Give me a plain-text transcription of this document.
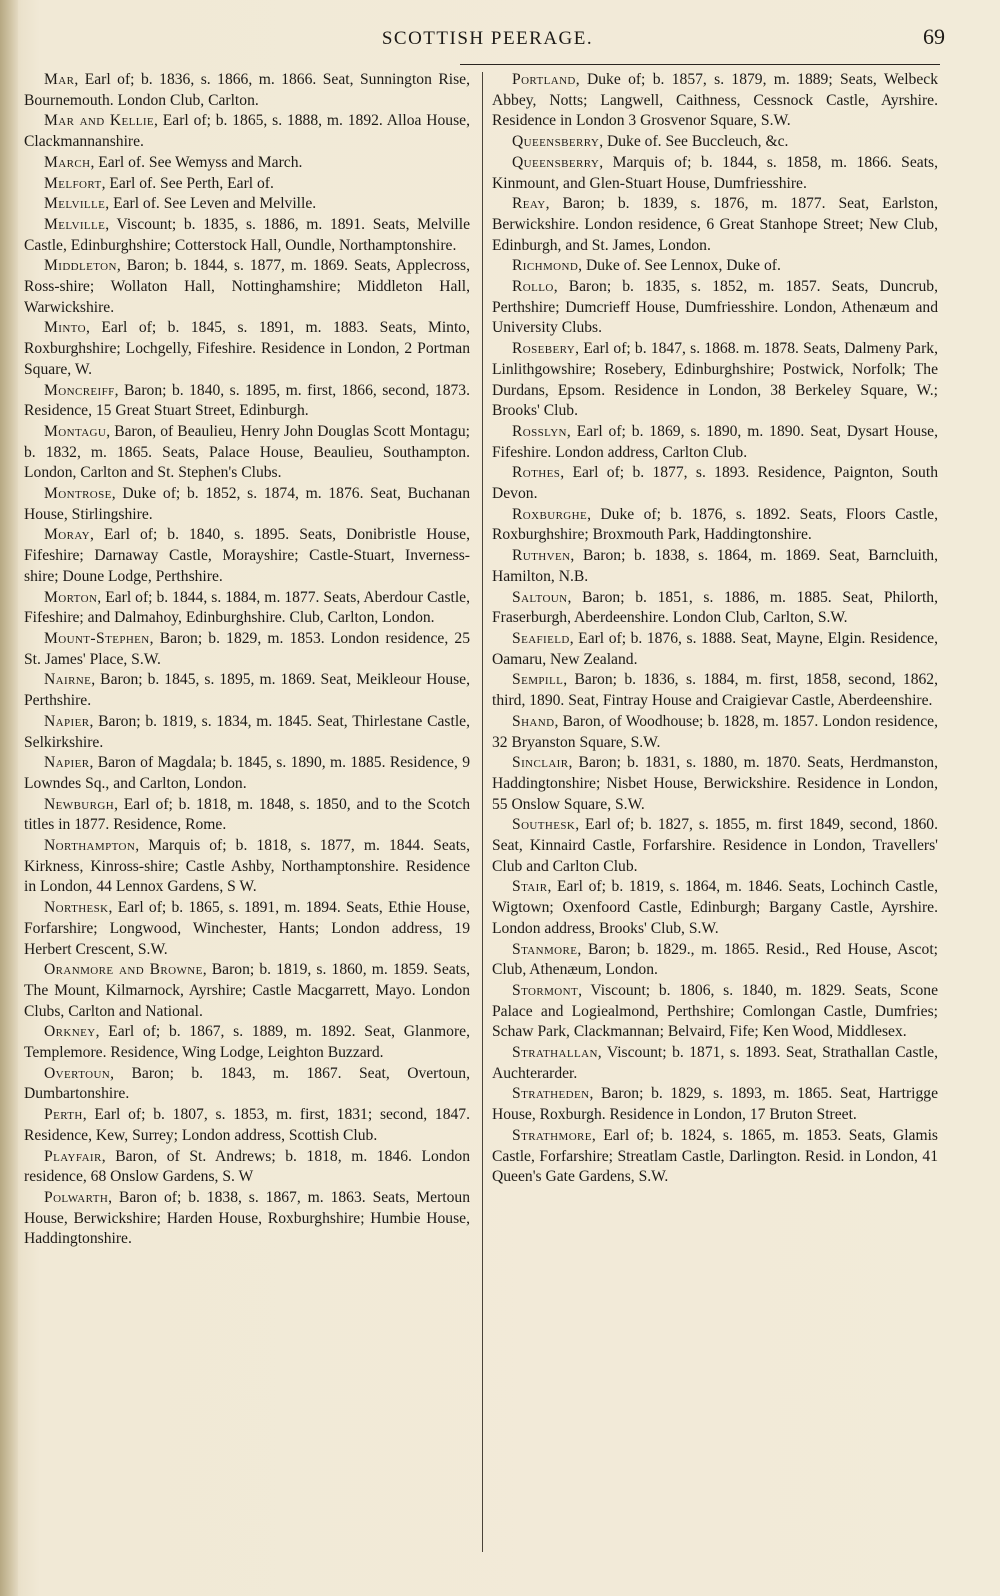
SCOTTISH PEERAGE.	69

Mar, Earl of; b. 1836, s. 1866, m. 1866. Seat, Sunnington Rise, Bournemouth. London Club, Carlton.

Mar and Kellie, Earl of; b. 1865, s. 1888, m. 1892. Alloa House, Clackmannanshire.

March, Earl of. See Wemyss and March.

Melfort, Earl of. See Perth, Earl of.

Melville, Earl of. See Leven and Melville.

Melville, Viscount; b. 1835, s. 1886, m. 1891. Seats, Melville Castle, Edinburghshire; Cotterstock Hall, Oundle, Northamptonshire.

Middleton, Baron; b. 1844, s. 1877, m. 1869. Seats, Applecross, Ross-shire; Wollaton Hall, Nottinghamshire; Middleton Hall, Warwickshire.

Minto, Earl of; b. 1845, s. 1891, m. 1883. Seats, Minto, Roxburghshire; Lochgelly, Fifeshire. Residence in London, 2 Portman Square, W.

Moncreiff, Baron; b. 1840, s. 1895, m. first, 1866, second, 1873. Residence, 15 Great Stuart Street, Edinburgh.

Montagu, Baron, of Beaulieu, Henry John Douglas Scott Montagu; b. 1832, m. 1865. Seats, Palace House, Beaulieu, Southampton. London, Carlton and St. Stephen's Clubs.

Montrose, Duke of; b. 1852, s. 1874, m. 1876. Seat, Buchanan House, Stirlingshire.

Moray, Earl of; b. 1840, s. 1895. Seats, Donibristle House, Fifeshire; Darnaway Castle, Morayshire; Castle-Stuart, Inverness-shire; Doune Lodge, Perthshire.

Morton, Earl of; b. 1844, s. 1884, m. 1877. Seats, Aberdour Castle, Fifeshire; and Dalmahoy, Edinburghshire. Club, Carlton, London.

Mount-Stephen, Baron; b. 1829, m. 1853. London residence, 25 St. James' Place, S.W.

Nairne, Baron; b. 1845, s. 1895, m. 1869. Seat, Meikleour House, Perthshire.

Napier, Baron; b. 1819, s. 1834, m. 1845. Seat, Thirlestane Castle, Selkirkshire.

Napier, Baron of Magdala; b. 1845, s. 1890, m. 1885. Residence, 9 Lowndes Sq., and Carlton, London.

Newburgh, Earl of; b. 1818, m. 1848, s. 1850, and to the Scotch titles in 1877. Residence, Rome.

Northampton, Marquis of; b. 1818, s. 1877, m. 1844. Seats, Kirkness, Kinross-shire; Castle Ashby, Northamptonshire. Residence in London, 44 Lennox Gardens, S W.

Northesk, Earl of; b. 1865, s. 1891, m. 1894. Seats, Ethie House, Forfarshire; Longwood, Winchester, Hants; London address, 19 Herbert Crescent, S.W.

Oranmore and Browne, Baron; b. 1819, s. 1860, m. 1859. Seats, The Mount, Kilmarnock, Ayrshire; Castle Macgarrett, Mayo. London Clubs, Carlton and National.

Orkney, Earl of; b. 1867, s. 1889, m. 1892. Seat, Glanmore, Templemore. Residence, Wing Lodge, Leighton Buzzard.

Overtoun, Baron; b. 1843, m. 1867. Seat, Overtoun, Dumbartonshire.

Perth, Earl of; b. 1807, s. 1853, m. first, 1831; second, 1847. Residence, Kew, Surrey; London address, Scottish Club.

Playfair, Baron, of St. Andrews; b. 1818, m. 1846. London residence, 68 Onslow Gardens, S. W

Polwarth, Baron of; b. 1838, s. 1867, m. 1863. Seats, Mertoun House, Berwickshire; Harden House, Roxburghshire; Humbie House, Haddingtonshire.

Portland, Duke of; b. 1857, s. 1879, m. 1889; Seats, Welbeck Abbey, Notts; Langwell, Caithness, Cessnock Castle, Ayrshire. Residence in London 3 Grosvenor Square, S.W.

Queensberry, Duke of. See Buccleuch, &c.

Queensberry, Marquis of; b. 1844, s. 1858, m. 1866. Seats, Kinmount, and Glen-Stuart House, Dumfriesshire.

Reay, Baron; b. 1839, s. 1876, m. 1877. Seat, Earlston, Berwickshire. London residence, 6 Great Stanhope Street; New Club, Edinburgh, and St. James, London.

Richmond, Duke of. See Lennox, Duke of.

Rollo, Baron; b. 1835, s. 1852, m. 1857. Seats, Duncrub, Perthshire; Dumcrieff House, Dumfriesshire. London, Athenæum and University Clubs.

Rosebery, Earl of; b. 1847, s. 1868. m. 1878. Seats, Dalmeny Park, Linlithgowshire; Rosebery, Edinburghshire; Postwick, Norfolk; The Durdans, Epsom. Residence in London, 38 Berkeley Square, W.; Brooks' Club.

Rosslyn, Earl of; b. 1869, s. 1890, m. 1890. Seat, Dysart House, Fifeshire. London address, Carlton Club.

Rothes, Earl of; b. 1877, s. 1893. Residence, Paignton, South Devon.

Roxburghe, Duke of; b. 1876, s. 1892. Seats, Floors Castle, Roxburghshire; Broxmouth Park, Haddingtonshire.

Ruthven, Baron; b. 1838, s. 1864, m. 1869. Seat, Barncluith, Hamilton, N.B.

Saltoun, Baron; b. 1851, s. 1886, m. 1885. Seat, Philorth, Fraserburgh, Aberdeenshire. London Club, Carlton, S.W.

Seafield, Earl of; b. 1876, s. 1888. Seat, Mayne, Elgin. Residence, Oamaru, New Zealand.

Sempill, Baron; b. 1836, s. 1884, m. first, 1858, second, 1862, third, 1890. Seat, Fintray House and Craigievar Castle, Aberdeenshire.

Shand, Baron, of Woodhouse; b. 1828, m. 1857. London residence, 32 Bryanston Square, S.W.

Sinclair, Baron; b. 1831, s. 1880, m. 1870. Seats, Herdmanston, Haddingtonshire; Nisbet House, Berwickshire. Residence in London, 55 Onslow Square, S.W.

Southesk, Earl of; b. 1827, s. 1855, m. first 1849, second, 1860. Seat, Kinnaird Castle, Forfarshire. Residence in London, Travellers' Club and Carlton Club.

Stair, Earl of; b. 1819, s. 1864, m. 1846. Seats, Lochinch Castle, Wigtown; Oxenfoord Castle, Edinburgh; Bargany Castle, Ayrshire. London address, Brooks' Club, S.W.

Stanmore, Baron; b. 1829., m. 1865. Resid., Red House, Ascot; Club, Athenæum, London.

Stormont, Viscount; b. 1806, s. 1840, m. 1829. Seats, Scone Palace and Logiealmond, Perthshire; Comlongan Castle, Dumfries; Schaw Park, Clackmannan; Belvaird, Fife; Ken Wood, Middlesex.

Strathallan, Viscount; b. 1871, s. 1893. Seat, Strathallan Castle, Auchterarder.

Stratheden, Baron; b. 1829, s. 1893, m. 1865. Seat, Hartrigge House, Roxburgh. Residence in London, 17 Bruton Street.

Strathmore, Earl of; b. 1824, s. 1865, m. 1853. Seats, Glamis Castle, Forfarshire; Streatlam Castle, Darlington. Resid. in London, 41 Queen's Gate Gardens, S.W.
